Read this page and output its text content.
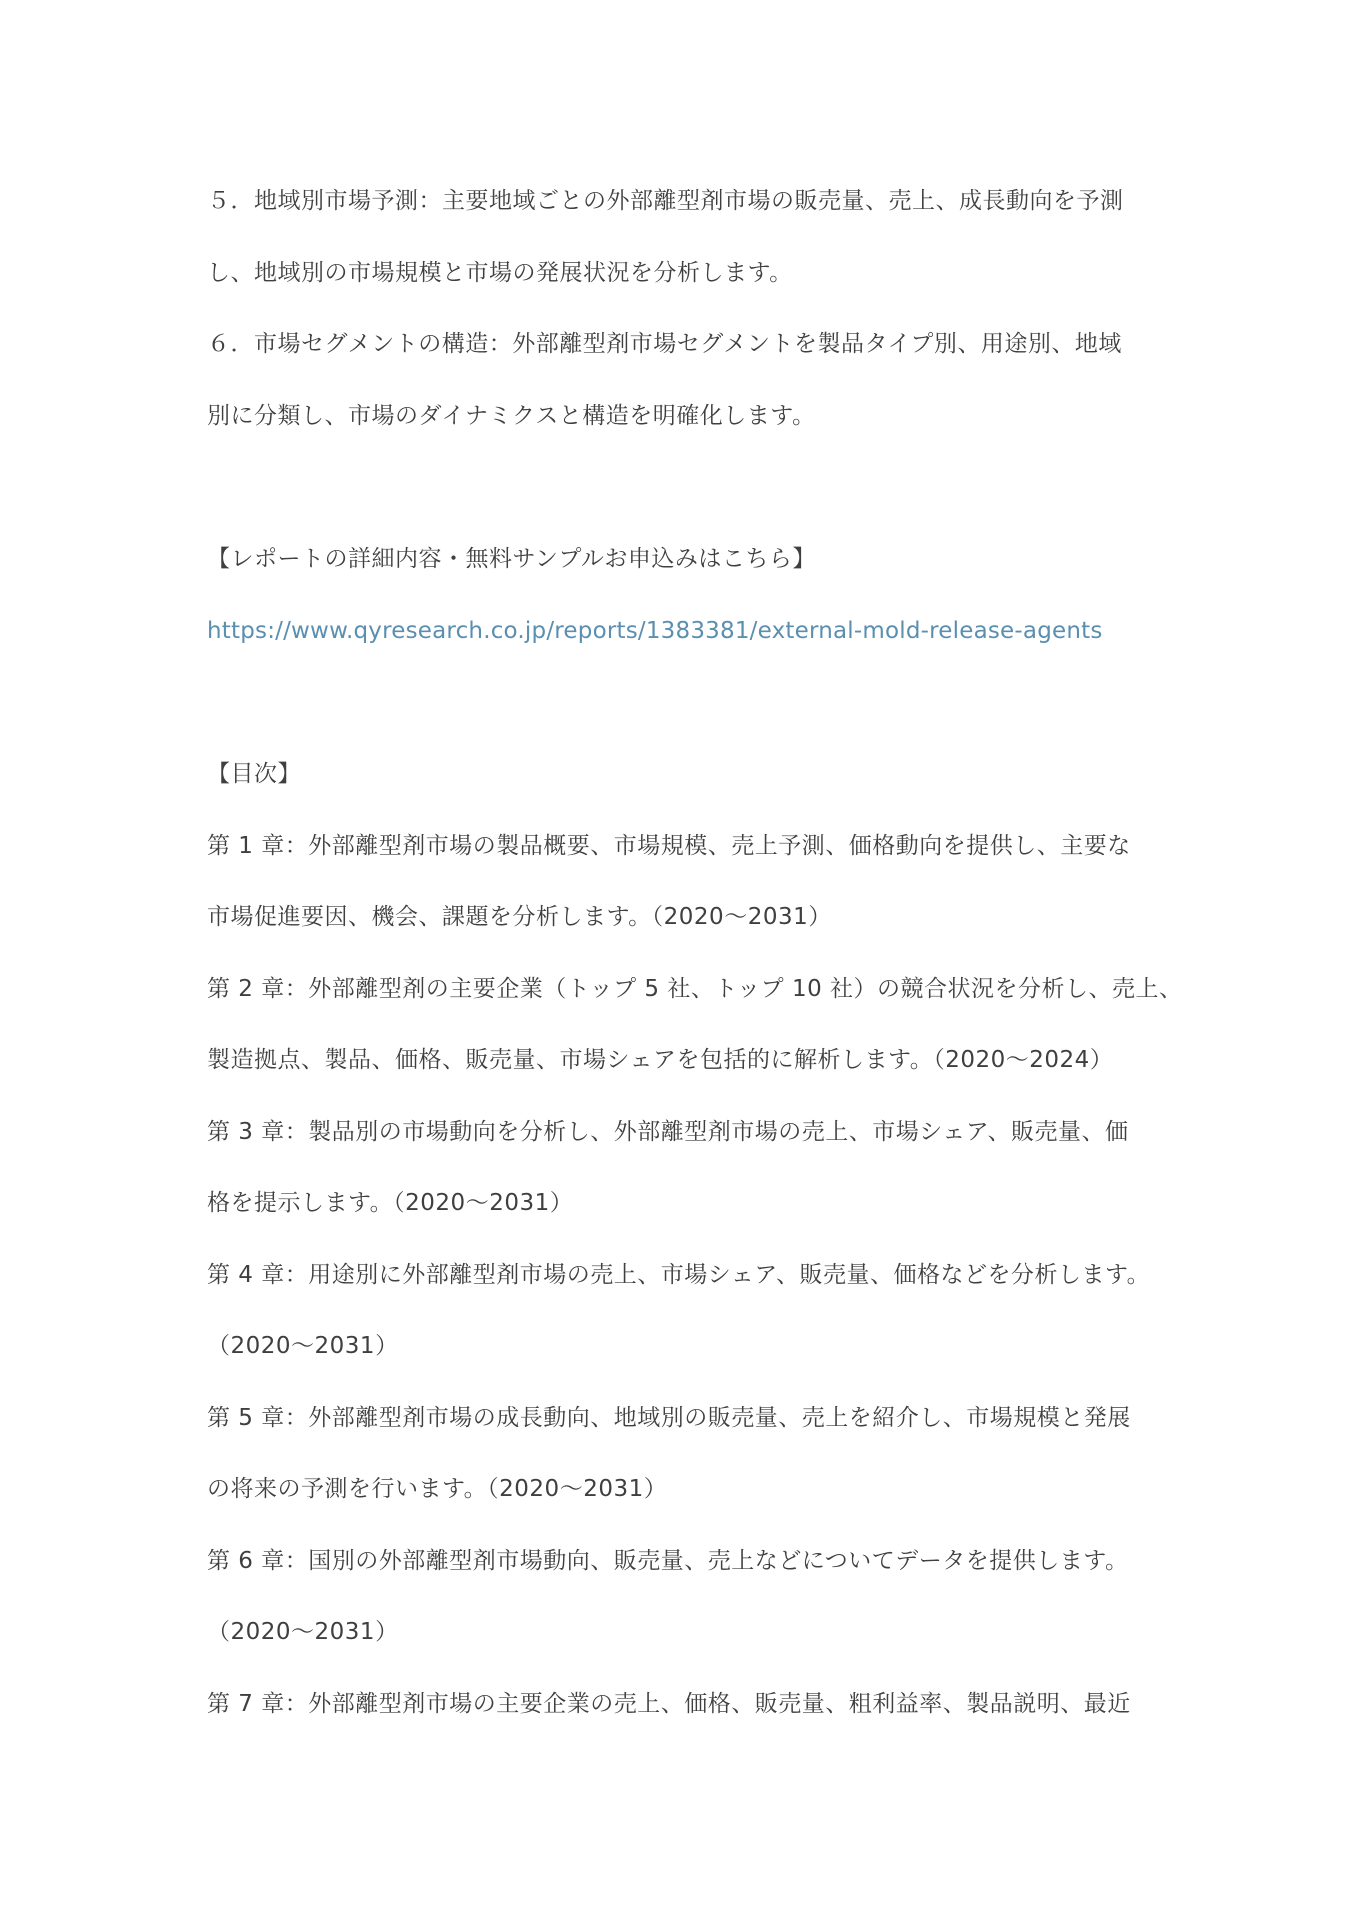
５．地域別市場予測：主要地域ごとの外部離型剤市場の販売量、売上、成長動向を予測
し、地域別の市場規模と市場の発展状況を分析します。
６．市場セグメントの構造：外部離型剤市場セグメントを製品タイプ別、用途別、地域
別に分類し、市場のダイナミクスと構造を明確化します。
【レポートの詳細内容・無料サンプルお申込みはこちら】
https://www.qyresearch.co.jp/reports/1383381/external-mold-release-agents
【目次】
第 1 章：外部離型剤市場の製品概要、市場規模、売上予測、価格動向を提供し、主要な
市場促進要因、機会、課題を分析します。（2020～2031）
第 2 章：外部離型剤の主要企業（トップ 5 社、トップ 10 社）の競合状況を分析し、売上、
製造拠点、製品、価格、販売量、市場シェアを包括的に解析します。（2020～2024）
第 3 章：製品別の市場動向を分析し、外部離型剤市場の売上、市場シェア、販売量、価
格を提示します。（2020～2031）
第 4 章：用途別に外部離型剤市場の売上、市場シェア、販売量、価格などを分析します。
（2020～2031）
第 5 章：外部離型剤市場の成長動向、地域別の販売量、売上を紹介し、市場規模と発展
の将来の予測を行います。（2020～2031）
第 6 章：国別の外部離型剤市場動向、販売量、売上などについてデータを提供します。
（2020～2031）
第 7 章：外部離型剤市場の主要企業の売上、価格、販売量、粗利益率、製品説明、最近
